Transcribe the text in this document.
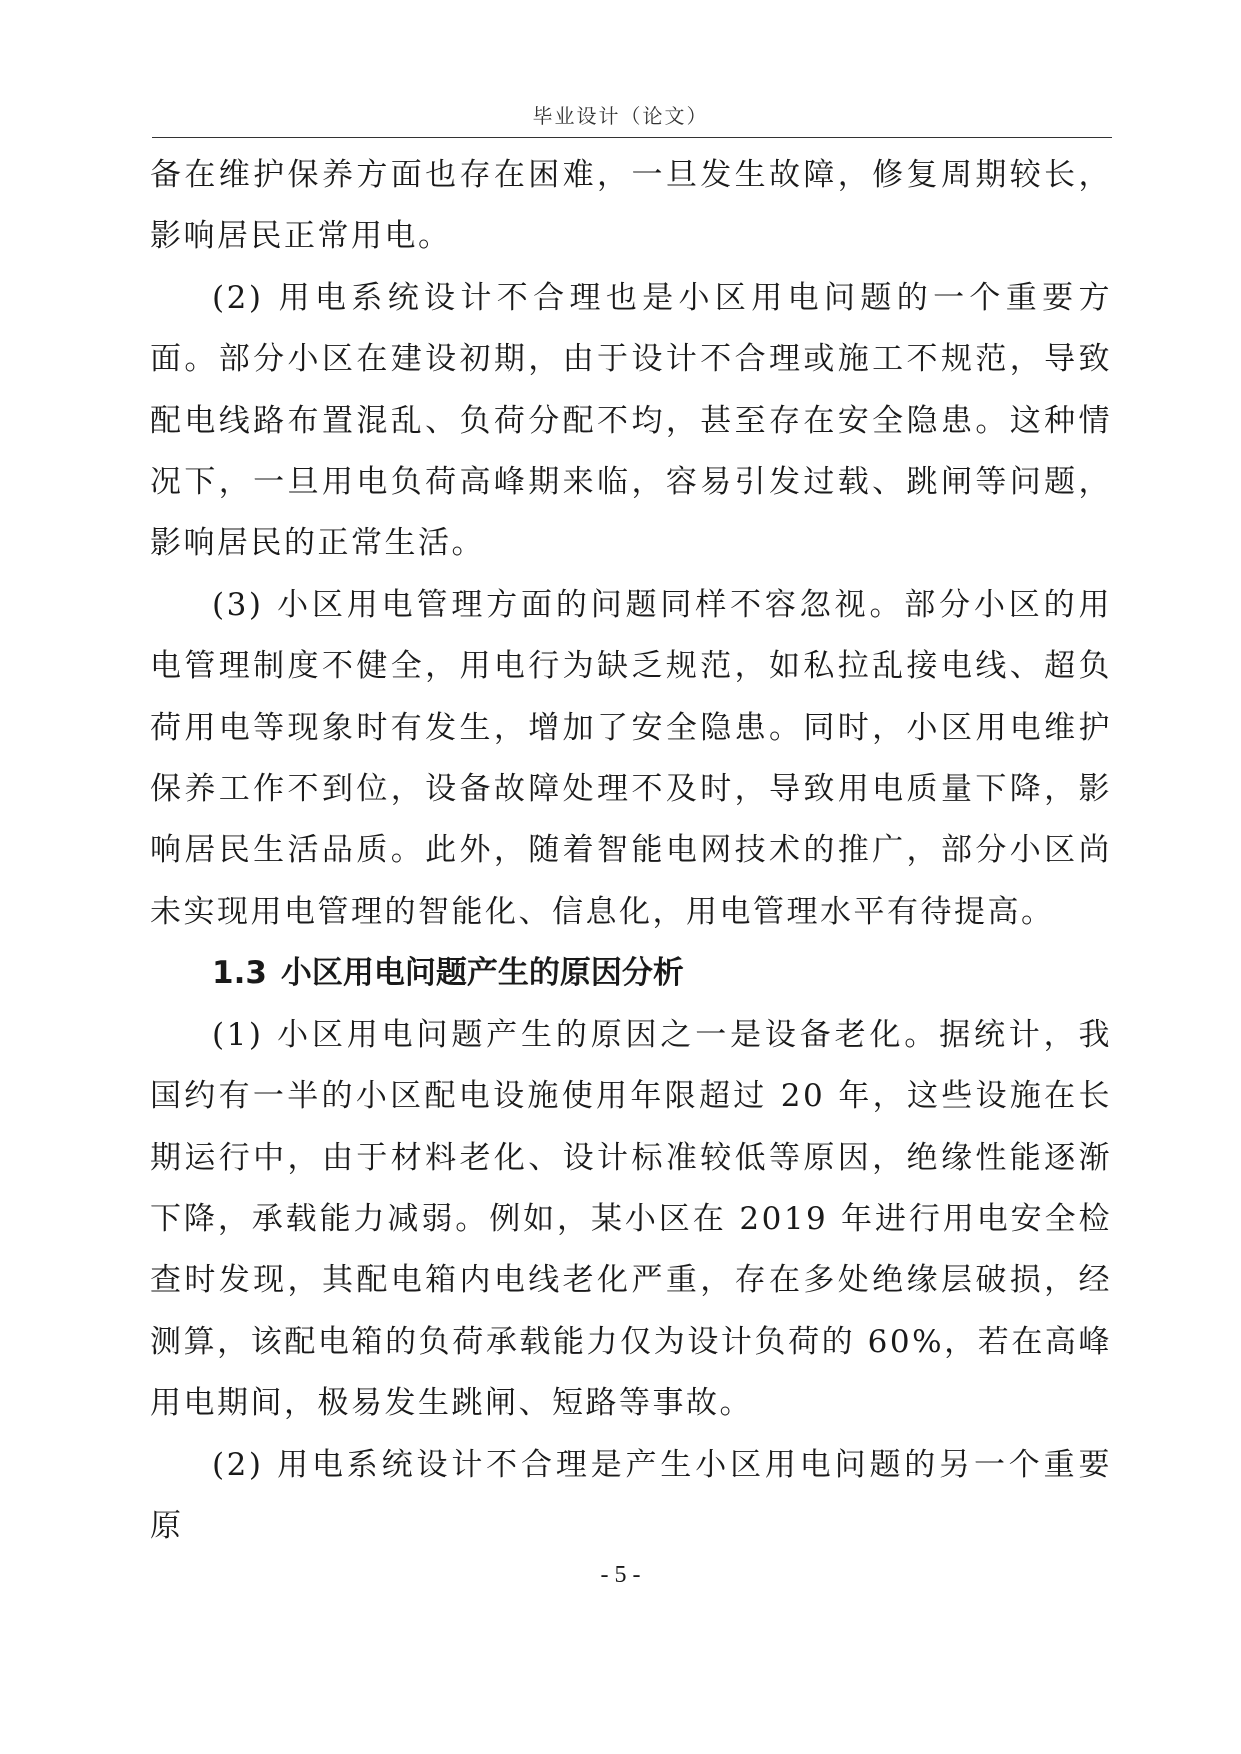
毕业设计（论文）

备在维护保养方面也存在困难，一旦发生故障，修复周期较长，影响居民正常用电。

(2) 用电系统设计不合理也是小区用电问题的一个重要方面。部分小区在建设初期，由于设计不合理或施工不规范，导致配电线路布置混乱、负荷分配不均，甚至存在安全隐患。这种情况下，一旦用电负荷高峰期来临，容易引发过载、跳闸等问题，影响居民的正常生活。

(3) 小区用电管理方面的问题同样不容忽视。部分小区的用电管理制度不健全，用电行为缺乏规范，如私拉乱接电线、超负荷用电等现象时有发生，增加了安全隐患。同时，小区用电维护保养工作不到位，设备故障处理不及时，导致用电质量下降，影响居民生活品质。此外，随着智能电网技术的推广，部分小区尚未实现用电管理的智能化、信息化，用电管理水平有待提高。

1.3 小区用电问题产生的原因分析

(1) 小区用电问题产生的原因之一是设备老化。据统计，我国约有一半的小区配电设施使用年限超过 20 年，这些设施在长期运行中，由于材料老化、设计标准较低等原因，绝缘性能逐渐下降，承载能力减弱。例如，某小区在 2019 年进行用电安全检查时发现，其配电箱内电线老化严重，存在多处绝缘层破损，经测算，该配电箱的负荷承载能力仅为设计负荷的 60%，若在高峰用电期间，极易发生跳闸、短路等事故。

(2) 用电系统设计不合理是产生小区用电问题的另一个重要原

- 5 -
